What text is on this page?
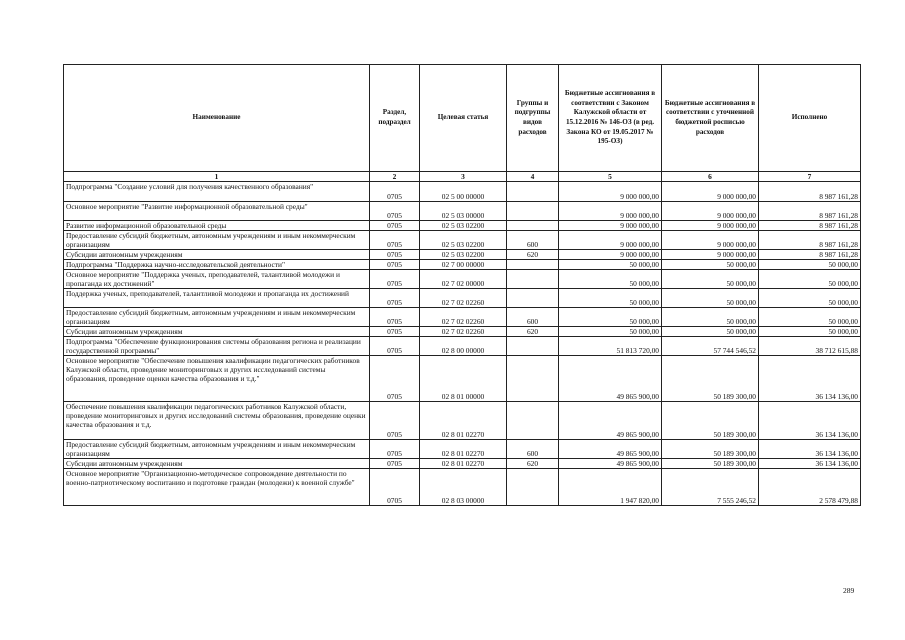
Наименование	Раздел, подраздел	Целевая статья	Группы и подгруппы видов расходов	Бюджетные ассигнования в соответствии с Законом Калужской области от 15.12.2016 № 146-ОЗ (в ред. Закона КО от 19.05.2017 № 195-ОЗ)	Бюджетные ассигнования в соответствии с уточненной бюджетной росписью расходов	Исполнено
1	2	3	4	5	6	7
Подпрограмма "Создание условий для получения качественного образования"	0705	02 5 00 00000		9 000 000,00	9 000 000,00	8 987 161,28
Основное мероприятие "Развитие информационной образовательной среды"	0705	02 5 03 00000		9 000 000,00	9 000 000,00	8 987 161,28
Развитие информационной образовательной среды	0705	02 5 03 02200		9 000 000,00	9 000 000,00	8 987 161,28
Предоставление субсидий бюджетным, автономным учреждениям и иным некоммерческим организациям	0705	02 5 03 02200	600	9 000 000,00	9 000 000,00	8 987 161,28
Субсидии автономным учреждениям	0705	02 5 03 02200	620	9 000 000,00	9 000 000,00	8 987 161,28
Подпрограмма "Поддержка научно-исследовательской деятельности"	0705	02 7 00 00000		50 000,00	50 000,00	50 000,00
Основное мероприятие "Поддержка ученых, преподавателей, талантливой молодежи и пропаганда их достижений"	0705	02 7 02 00000		50 000,00	50 000,00	50 000,00
Поддержка ученых, преподавателей, талантливой молодежи и пропаганда их достижений	0705	02 7 02 02260		50 000,00	50 000,00	50 000,00
Предоставление субсидий бюджетным, автономным учреждениям и иным некоммерческим организациям	0705	02 7 02 02260	600	50 000,00	50 000,00	50 000,00
Субсидии автономным учреждениям	0705	02 7 02 02260	620	50 000,00	50 000,00	50 000,00
Подпрограмма "Обеспечение функционирования системы образования региона и реализации государственной программы"	0705	02 8 00 00000		51 813 720,00	57 744 546,52	38 712 615,88
Основное мероприятие "Обеспечение повышения квалификации педагогических работников Калужской области, проведение мониторинговых и других исследований системы образования, проведение оценки качества образования и т.д."	0705	02 8 01 00000		49 865 900,00	50 189 300,00	36 134 136,00
Обеспечение повышения квалификации педагогических работников Калужской области, проведение мониторинговых и других исследований системы образования, проведение оценки качества образования и т.д.	0705	02 8 01 02270		49 865 900,00	50 189 300,00	36 134 136,00
Предоставление субсидий бюджетным, автономным учреждениям и иным некоммерческим организациям	0705	02 8 01 02270	600	49 865 900,00	50 189 300,00	36 134 136,00
Субсидии автономным учреждениям	0705	02 8 01 02270	620	49 865 900,00	50 189 300,00	36 134 136,00
Основное мероприятие "Организационно-методическое сопровождение деятельности по военно-патриотическому воспитанию и подготовке граждан (молодежи) к военной службе"	0705	02 8 03 00000		1 947 820,00	7 555 246,52	2 578 479,88
289
